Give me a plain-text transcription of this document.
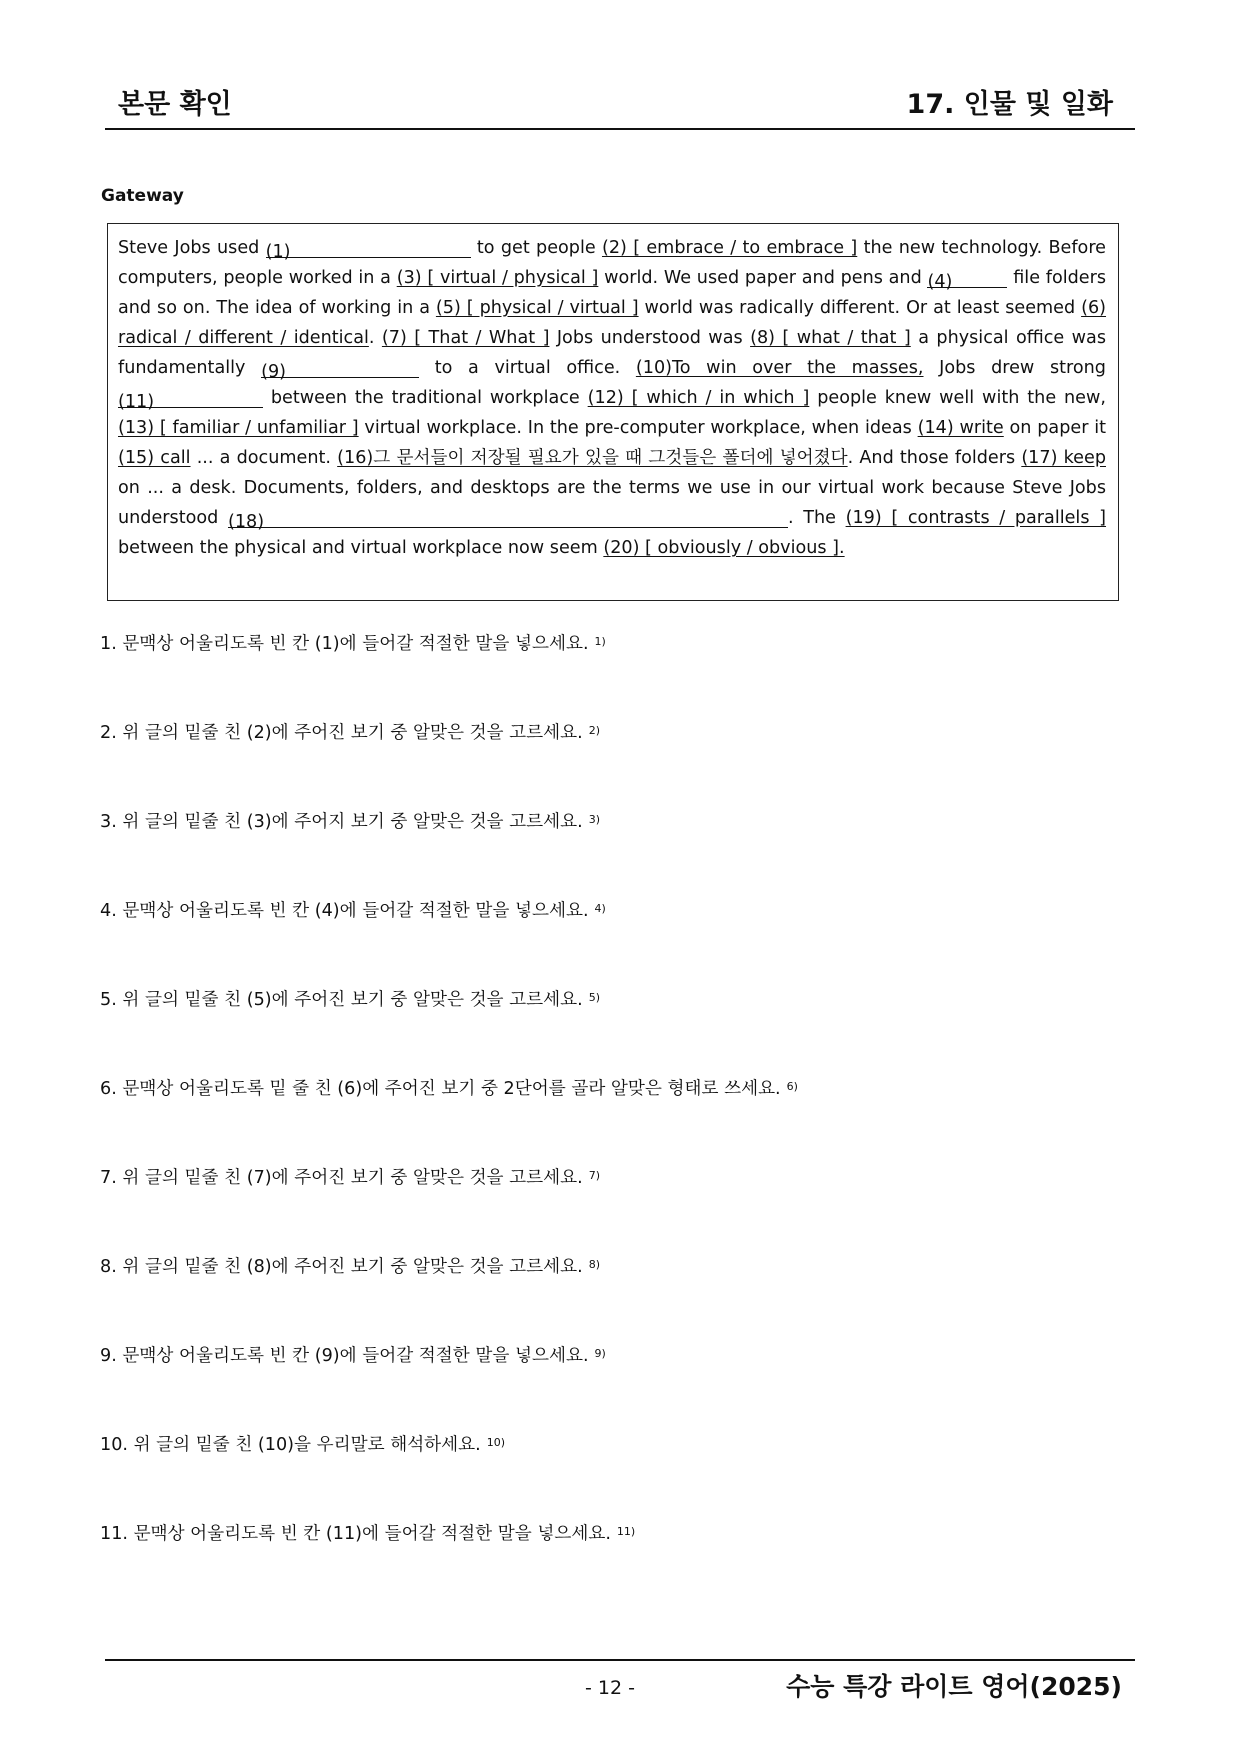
본문 확인	17. 인물 및 일화
Gateway

Steve Jobs used (1)	to get people (2) [ embrace / to embrace ] the new technology. Before computers, people worked in a (3) [ virtual / physical ] world. We used paper and pens and (4)	file folders and so on. The idea of working in a (5) [ physical / virtual ] world was radically different. Or at least seemed (6) radical / different / identical. (7) [ That / What ] Jobs understood was (8) [ what / that ] a physical office was fundamentally (9)	to a virtual office. (10)To win over the masses, Jobs drew strong (11)	between the traditional workplace (12) [ which / in which ] people knew well with the new, (13) [ familiar / unfamiliar ] virtual workplace. In the pre-computer workplace, when ideas (14) write on paper it (15) call ... a document. (16)그 문서들이 저장될 필요가 있을 때 그것들은 폴더에 넣어졌다. And those folders (17) keep on ... a desk. Documents, folders, and desktops are the terms we use in our virtual work because Steve Jobs understood (18)	. The (19) [ contrasts / parallels ] between the physical and virtual workplace now seem (20) [ obviously / obvious ].

1. 문맥상 어울리도록 빈 칸 (1)에 들어갈 적절한 말을 넣으세요. $^{1)}$
2. 위 글의 밑줄 친 (2)에 주어진 보기 중 알맞은 것을 고르세요. $^{2)}$
3. 위 글의 밑줄 친 (3)에 주어지 보기 중 알맞은 것을 고르세요. $^{3)}$
4. 문맥상 어울리도록 빈 칸 (4)에 들어갈 적절한 말을 넣으세요. $^{4)}$
5. 위 글의 밑줄 친 (5)에 주어진 보기 중 알맞은 것을 고르세요. $^{5)}$
6. 문맥상 어울리도록 밑 줄 친 (6)에 주어진 보기 중 2단어를 골라 알맞은 형태로 쓰세요. $^{6)}$
7. 위 글의 밑줄 친 (7)에 주어진 보기 중 알맞은 것을 고르세요. $^{7)}$
8. 위 글의 밑줄 친 (8)에 주어진 보기 중 알맞은 것을 고르세요. $^{8)}$
9. 문맥상 어울리도록 빈 칸 (9)에 들어갈 적절한 말을 넣으세요. $^{9)}$
10. 위 글의 밑줄 친 (10)을 우리말로 해석하세요. $^{10)}$
11. 문맥상 어울리도록 빈 칸 (11)에 들어갈 적절한 말을 넣으세요. $^{11)}$
- 12 -	수능 특강 라이트 영어(2025)
